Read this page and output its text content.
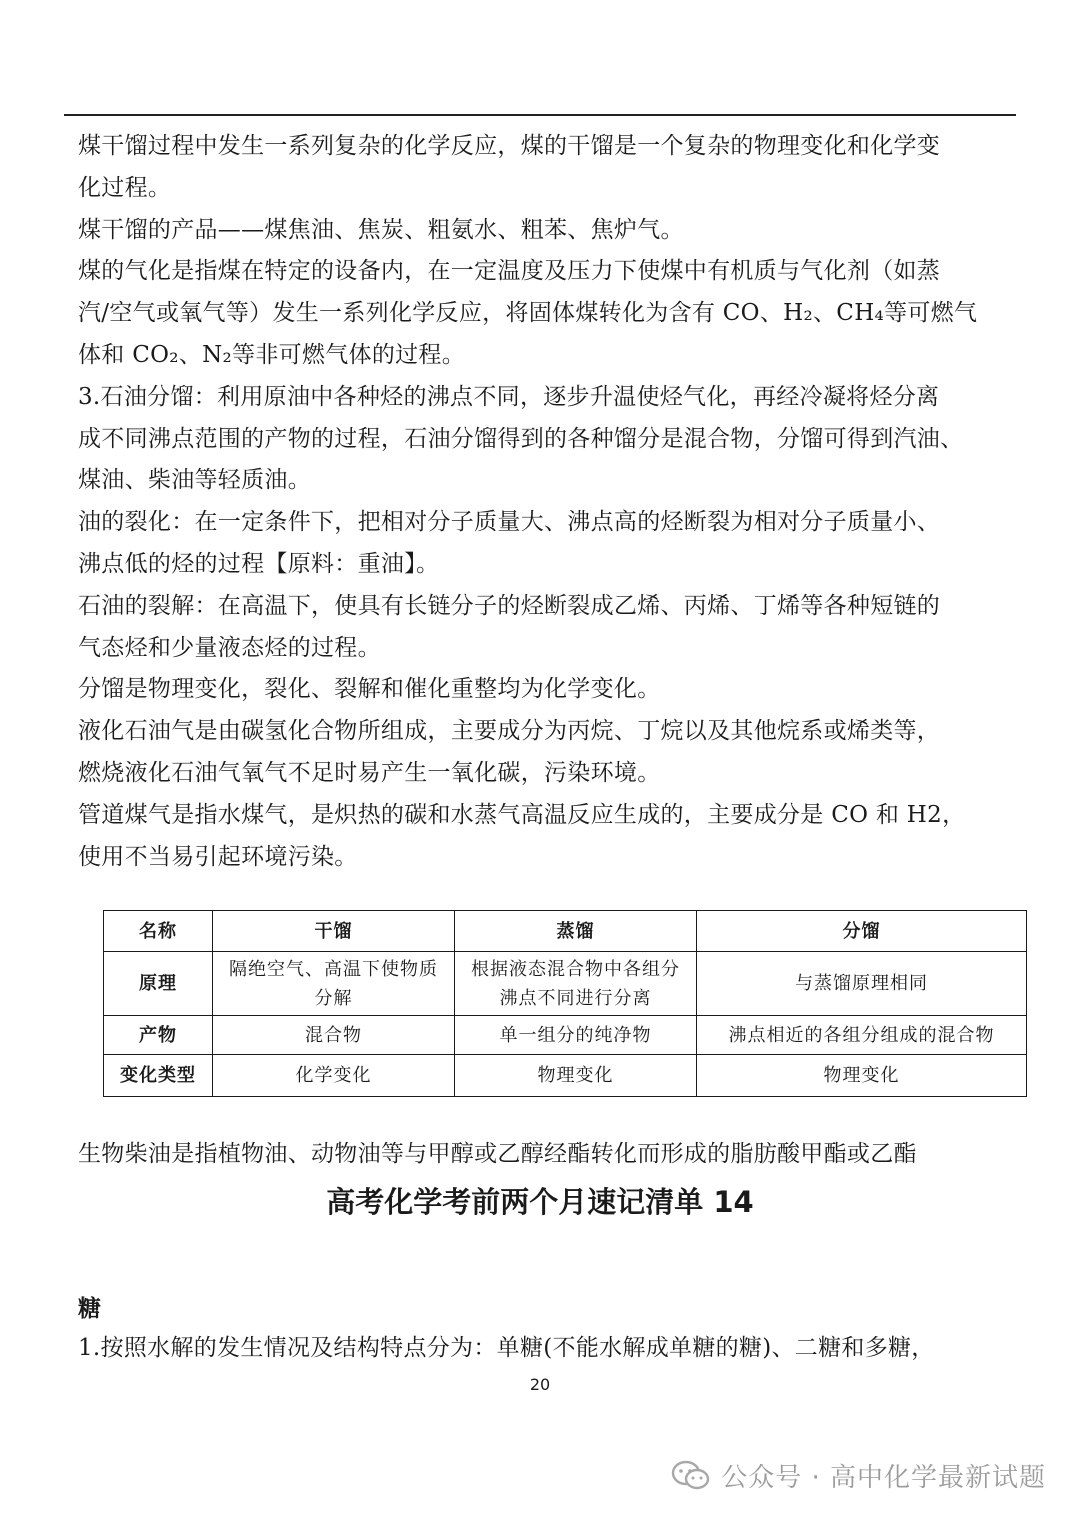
煤干馏过程中发生一系列复杂的化学反应，煤的干馏是一个复杂的物理变化和化学变

化过程。

煤干馏的产品——煤焦油、焦炭、粗氨水、粗苯、焦炉气。

煤的气化是指煤在特定的设备内，在一定温度及压力下使煤中有机质与气化剂（如蒸

汽/空气或氧气等）发生一系列化学反应，将固体煤转化为含有 CO、H₂、CH₄等可燃气

体和 CO₂、N₂等非可燃气体的过程。

3.石油分馏：利用原油中各种烃的沸点不同，逐步升温使烃气化，再经冷凝将烃分离

成不同沸点范围的产物的过程，石油分馏得到的各种馏分是混合物，分馏可得到汽油、

煤油、柴油等轻质油。

油的裂化：在一定条件下，把相对分子质量大、沸点高的烃断裂为相对分子质量小、

沸点低的烃的过程【原料：重油】。

石油的裂解：在高温下，使具有长链分子的烃断裂成乙烯、丙烯、丁烯等各种短链的

气态烃和少量液态烃的过程。

分馏是物理变化，裂化、裂解和催化重整均为化学变化。

液化石油气是由碳氢化合物所组成，主要成分为丙烷、丁烷以及其他烷系或烯类等，

燃烧液化石油气氧气不足时易产生一氧化碳，污染环境。

管道煤气是指水煤气，是炽热的碳和水蒸气高温反应生成的，主要成分是 CO 和 H2，

使用不当易引起环境污染。

名称	干馏	蒸馏	分馏
原理	隔绝空气、高温下使物质分解	根据液态混合物中各组分沸点不同进行分离	与蒸馏原理相同
产物	混合物	单一组分的纯净物	沸点相近的各组分组成的混合物
变化类型	化学变化	物理变化	物理变化

生物柴油是指植物油、动物油等与甲醇或乙醇经酯转化而形成的脂肪酸甲酯或乙酯

高考化学考前两个月速记清单 14
糖

1.按照水解的发生情况及结构特点分为：单糖(不能水解成单糖的糖)、二糖和多糖，

20
公众号 · 高中化学最新试题
